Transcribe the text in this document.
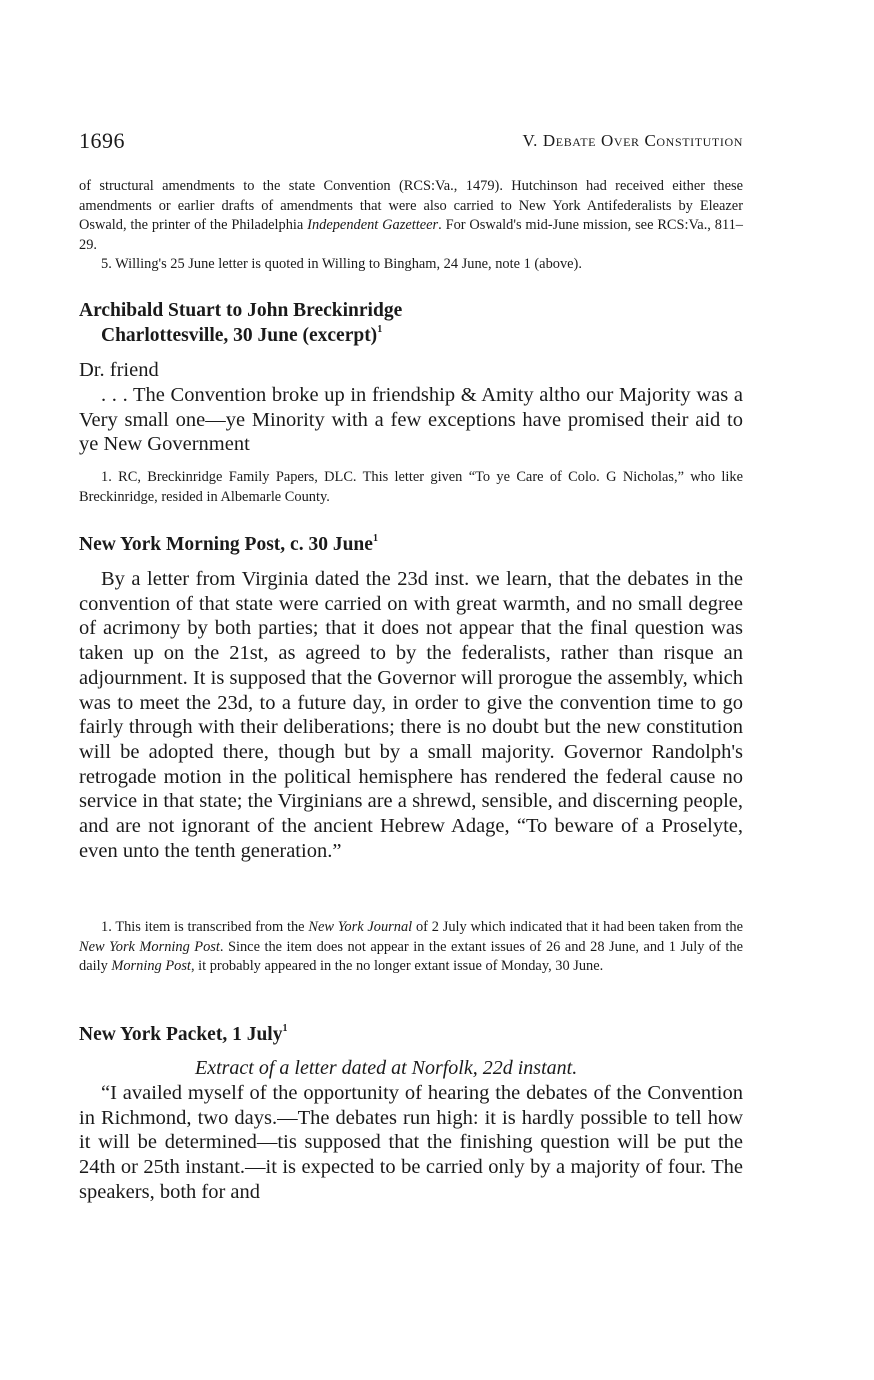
1696	V. Debate Over Constitution

of structural amendments to the state Convention (RCS:Va., 1479). Hutchinson had received either these amendments or earlier drafts of amendments that were also carried to New York Antifederalists by Eleazer Oswald, the printer of the Philadelphia Independent Gazetteer. For Oswald's mid-June mission, see RCS:Va., 811–29.

5. Willing's 25 June letter is quoted in Willing to Bingham, 24 June, note 1 (above).

Archibald Stuart to John Breckinridge

Charlottesville, 30 June (excerpt)$^1$

Dr. friend

. . . The Convention broke up in friendship & Amity altho our Majority was a Very small one—ye Minority with a few exceptions have promised their aid to ye New Government

1. RC, Breckinridge Family Papers, DLC. This letter given “To ye Care of Colo. G Nicholas,” who like Breckinridge, resided in Albemarle County.

New York Morning Post, c. 30 June$^1$

By a letter from Virginia dated the 23d inst. we learn, that the debates in the convention of that state were carried on with great warmth, and no small degree of acrimony by both parties; that it does not appear that the final question was taken up on the 21st, as agreed to by the federalists, rather than risque an adjournment. It is supposed that the Governor will prorogue the assembly, which was to meet the 23d, to a future day, in order to give the convention time to go fairly through with their deliberations; there is no doubt but the new constitution will be adopted there, though but by a small majority. Governor Randolph's retrogade motion in the political hemisphere has rendered the federal cause no service in that state; the Virginians are a shrewd, sensible, and discerning people, and are not ignorant of the ancient Hebrew Adage, “To beware of a Proselyte, even unto the tenth generation.”

1. This item is transcribed from the New York Journal of 2 July which indicated that it had been taken from the New York Morning Post. Since the item does not appear in the extant issues of 26 and 28 June, and 1 July of the daily Morning Post, it probably appeared in the no longer extant issue of Monday, 30 June.

New York Packet, 1 July$^1$

Extract of a letter dated at Norfolk, 22d instant.

“I availed myself of the opportunity of hearing the debates of the Convention in Richmond, two days.—The debates run high: it is hardly possible to tell how it will be determined—tis supposed that the finishing question will be put the 24th or 25th instant.—it is expected to be carried only by a majority of four. The speakers, both for and
